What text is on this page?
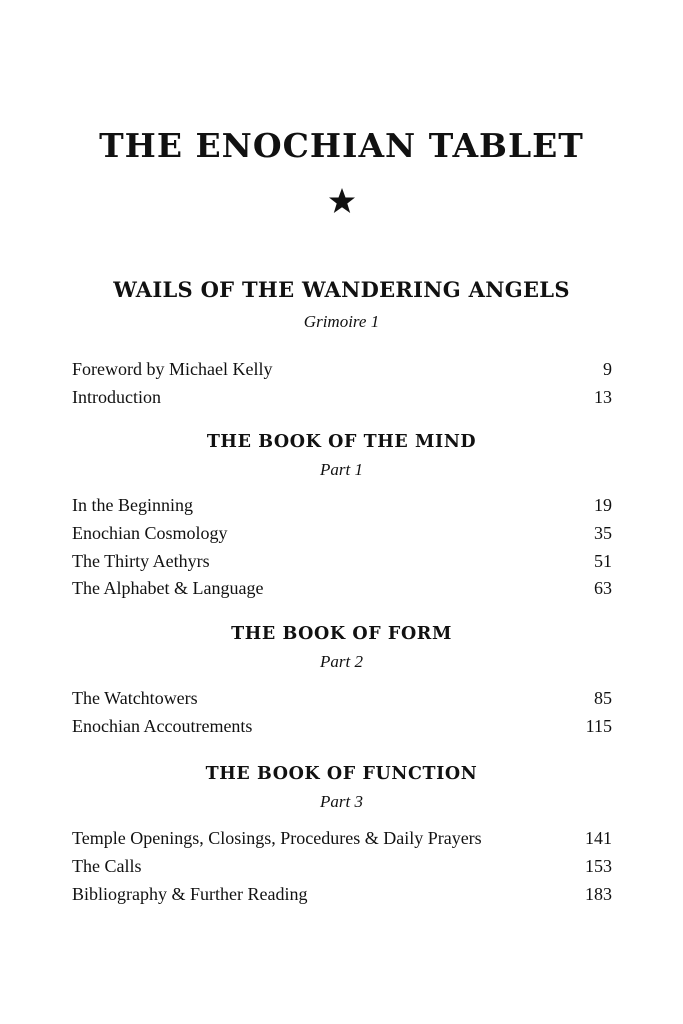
THE ENOCHIAN TABLET
WAILS OF THE WANDERING ANGELS
Grimoire 1
Foreword by Michael Kelly	9
Introduction	13
THE BOOK OF THE MIND
Part 1
In the Beginning	19
Enochian Cosmology	35
The Thirty Aethyrs	51
The Alphabet & Language	63
THE BOOK OF FORM
Part 2
The Watchtowers	85
Enochian Accoutrements	115
THE BOOK OF FUNCTION
Part 3
Temple Openings, Closings, Procedures & Daily Prayers	141
The Calls	153
Bibliography & Further Reading	183
